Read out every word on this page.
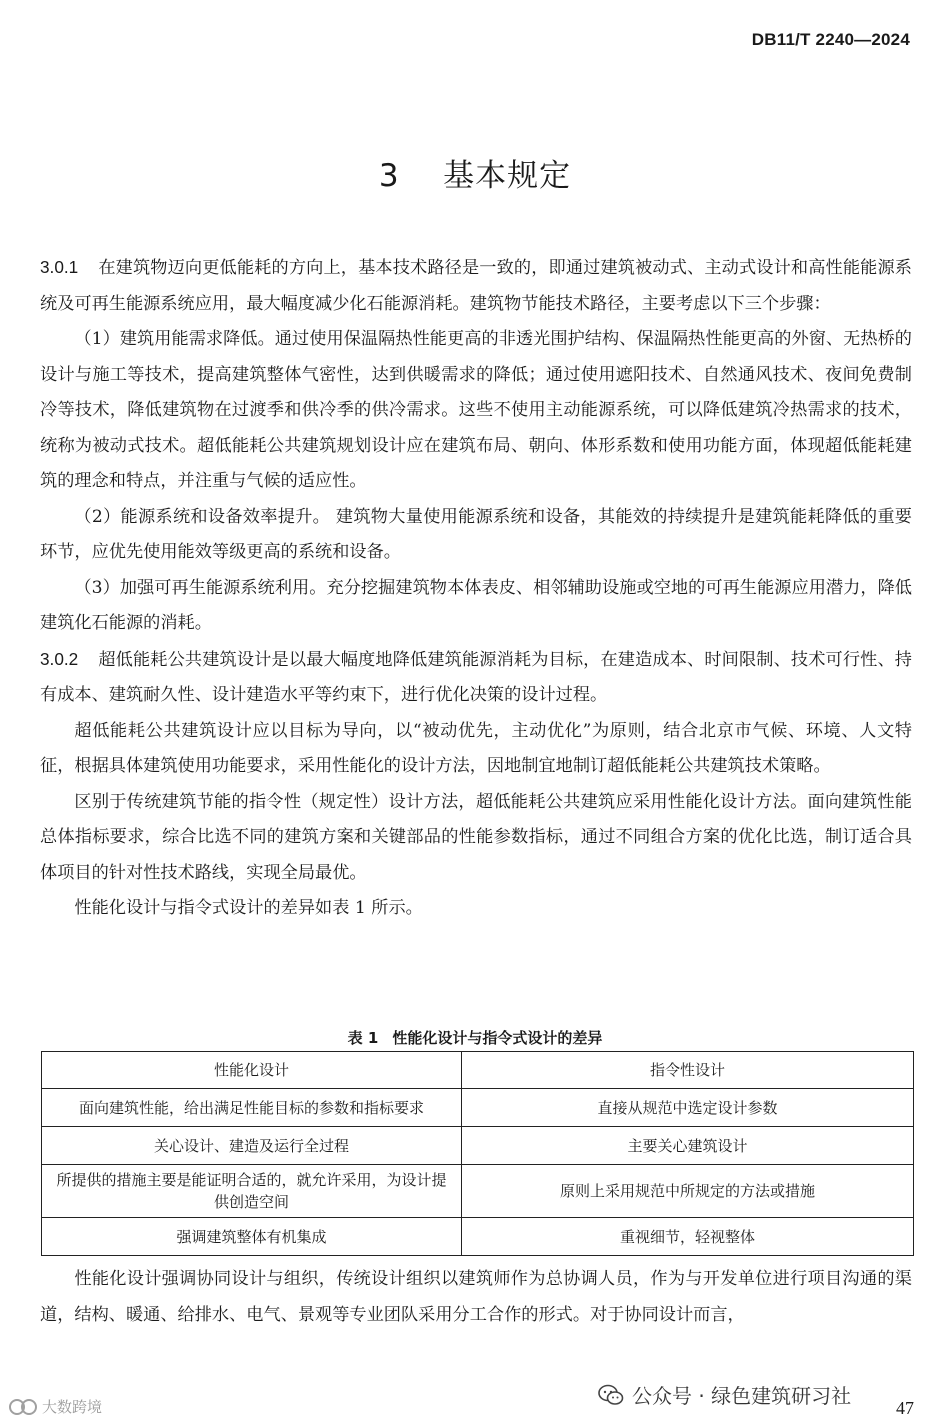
DB11/T 2240—2024
3 基本规定

3.0.1 在建筑物迈向更低能耗的方向上，基本技术路径是一致的，即通过建筑被动式、主动式设计和高性能能源系统及可再生能源系统应用，最大幅度减少化石能源消耗。建筑物节能技术路径，主要考虑以下三个步骤：

（1）建筑用能需求降低。通过使用保温隔热性能更高的非透光围护结构、保温隔热性能更高的外窗、无热桥的设计与施工等技术，提高建筑整体气密性，达到供暖需求的降低；通过使用遮阳技术、自然通风技术、夜间免费制冷等技术，降低建筑物在过渡季和供冷季的供冷需求。这些不使用主动能源系统，可以降低建筑冷热需求的技术，统称为被动式技术。超低能耗公共建筑规划设计应在建筑布局、朝向、体形系数和使用功能方面，体现超低能耗建筑的理念和特点，并注重与气候的适应性。

（2）能源系统和设备效率提升。 建筑物大量使用能源系统和设备，其能效的持续提升是建筑能耗降低的重要环节，应优先使用能效等级更高的系统和设备。

（3）加强可再生能源系统利用。充分挖掘建筑物本体表皮、相邻辅助设施或空地的可再生能源应用潜力，降低建筑化石能源的消耗。

3.0.2 超低能耗公共建筑设计是以最大幅度地降低建筑能源消耗为目标，在建造成本、时间限制、技术可行性、持有成本、建筑耐久性、设计建造水平等约束下，进行优化决策的设计过程。

超低能耗公共建筑设计应以目标为导向，以“被动优先，主动优化”为原则，结合北京市气候、环境、人文特征，根据具体建筑使用功能要求，采用性能化的设计方法，因地制宜地制订超低能耗公共建筑技术策略。

区别于传统建筑节能的指令性（规定性）设计方法，超低能耗公共建筑应采用性能化设计方法。面向建筑性能总体指标要求，综合比选不同的建筑方案和关键部品的性能参数指标，通过不同组合方案的优化比选，制订适合具体项目的针对性技术路线，实现全局最优。

性能化设计与指令式设计的差异如表 1 所示。

表 1 性能化设计与指令式设计的差异
性能化设计	指令性设计
面向建筑性能，给出满足性能目标的参数和指标要求	直接从规范中选定设计参数
关心设计、建造及运行全过程	主要关心建筑设计
所提供的措施主要是能证明合适的，就允许采用，为设计提供创造空间	原则上采用规范中所规定的方法或措施
强调建筑整体有机集成	重视细节，轻视整体

性能化设计强调协同设计与组织，传统设计组织以建筑师作为总协调人员，作为与开发单位进行项目沟通的渠道，结构、暖通、给排水、电气、景观等专业团队采用分工合作的形式。对于协同设计而言，

公众号 · 绿色建筑研习社 47
大数跨境
